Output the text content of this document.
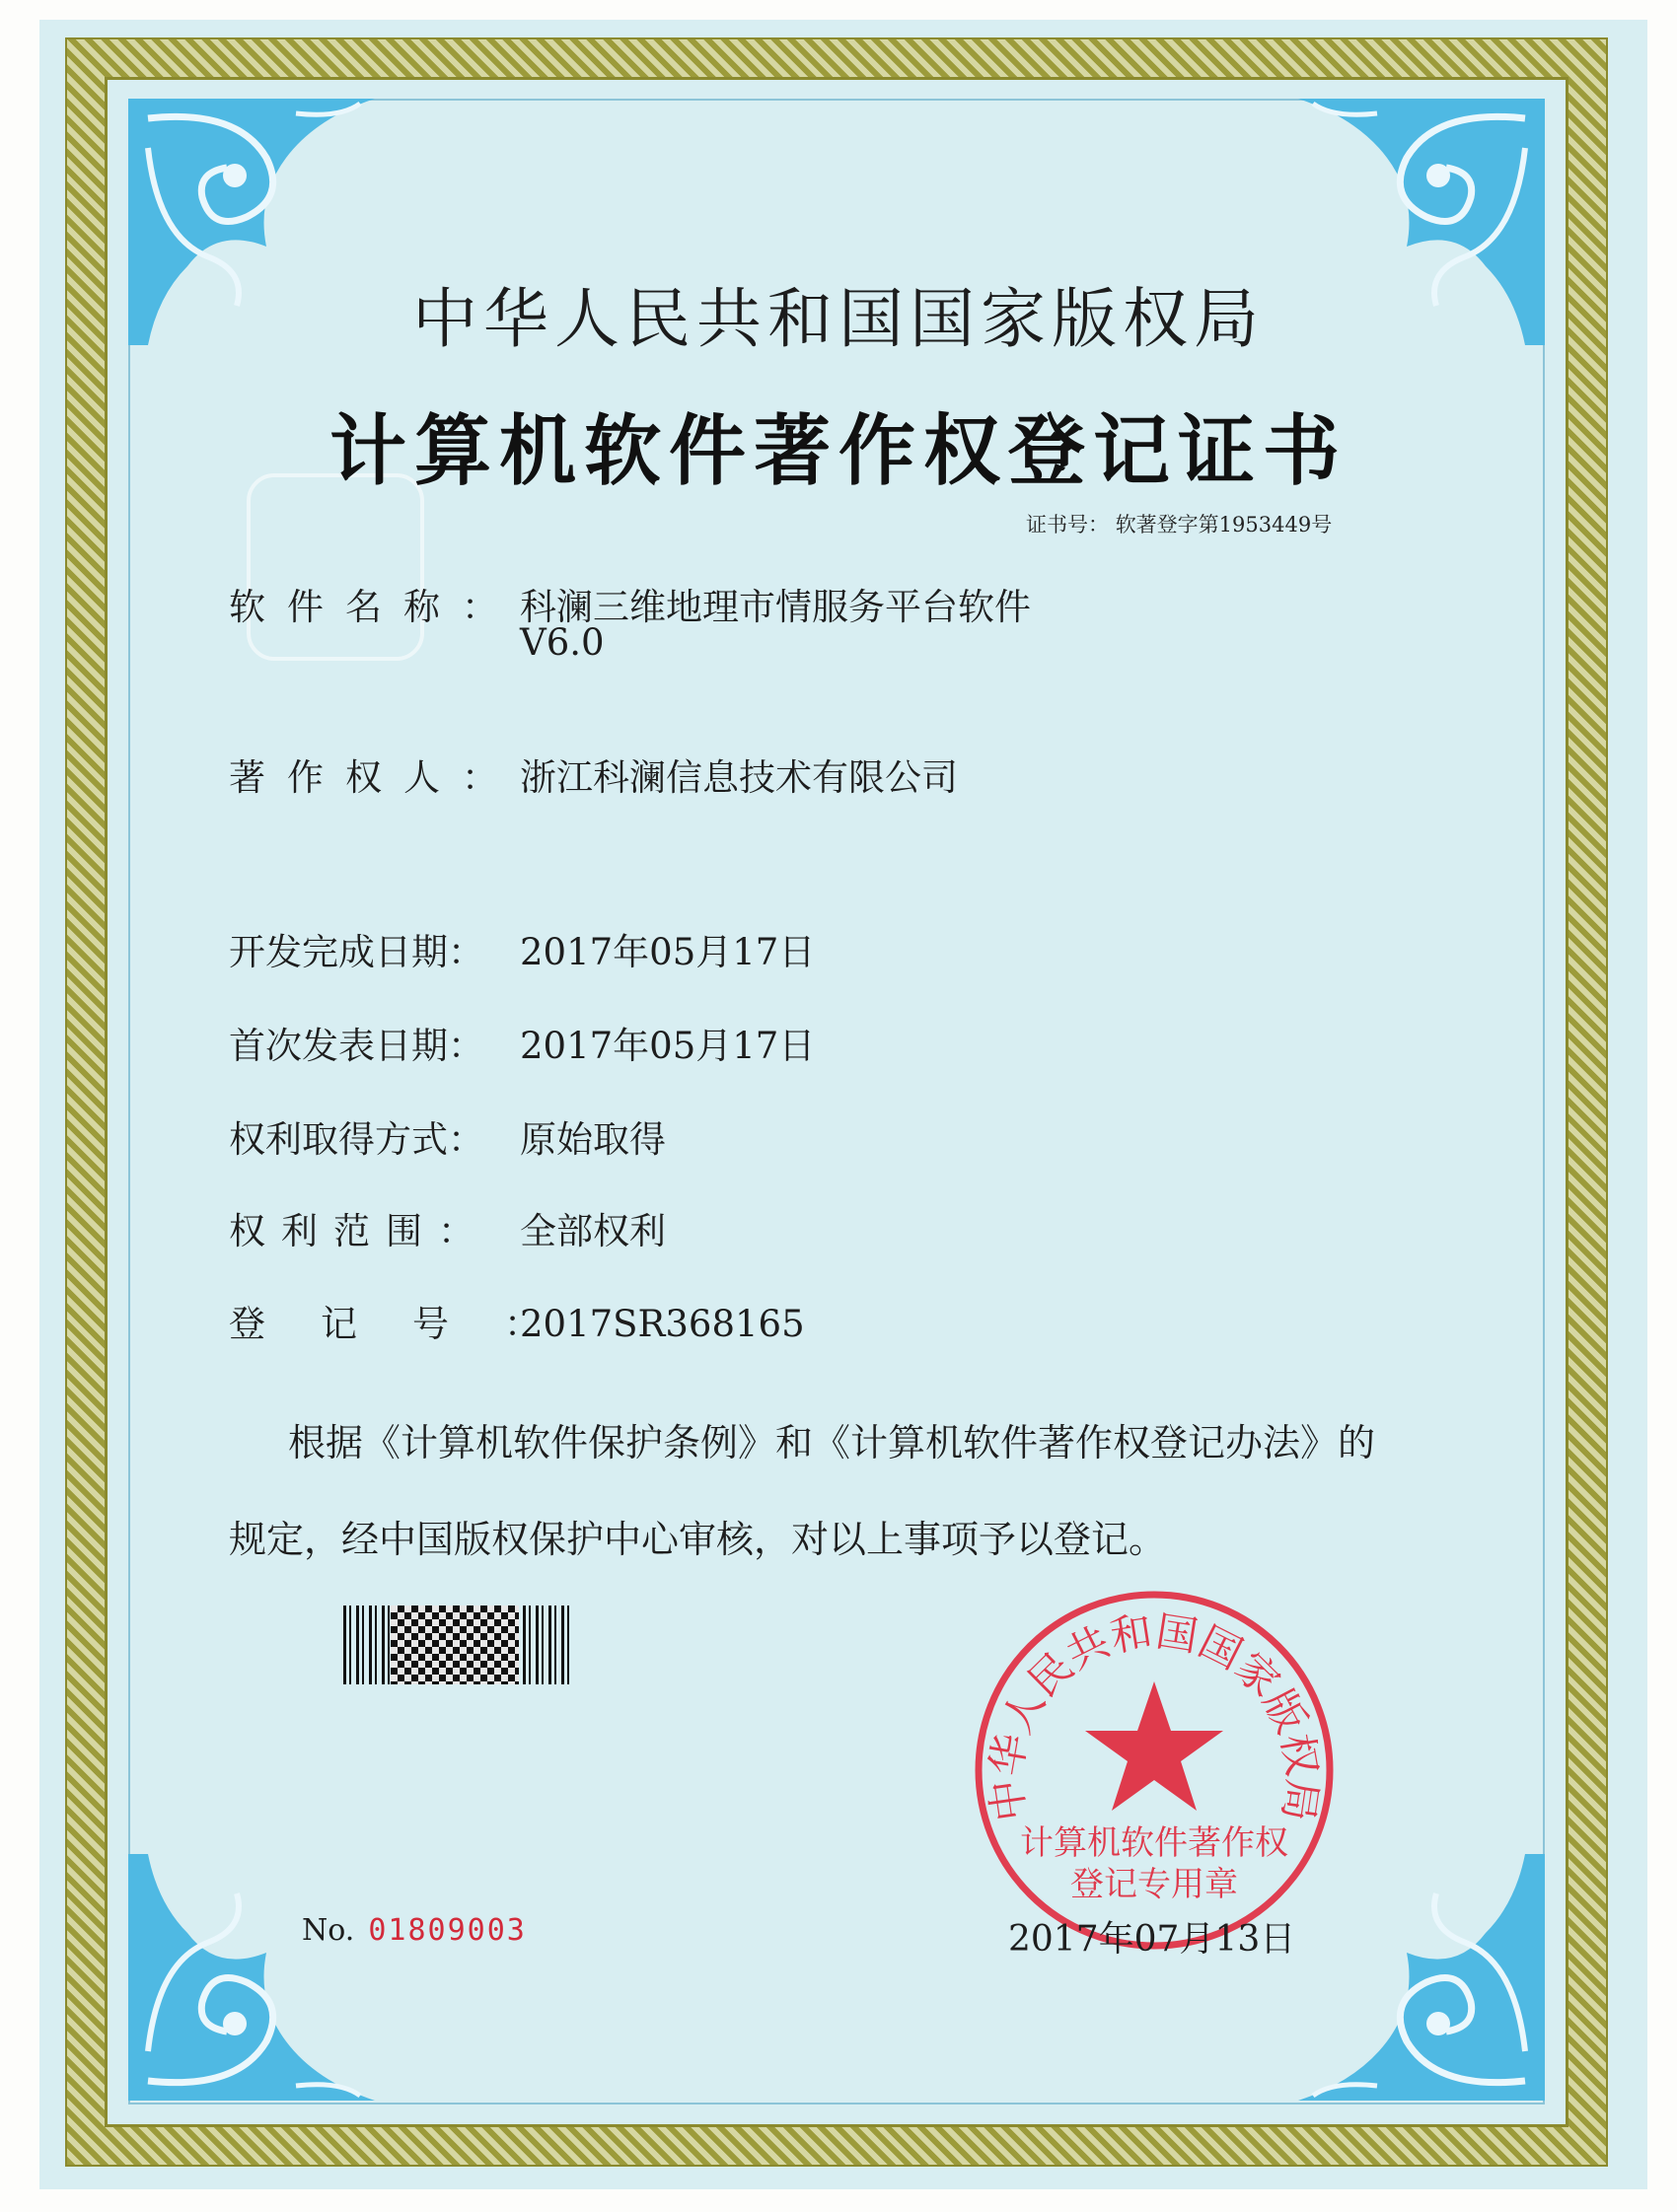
中华人民共和国国家版权局
计算机软件著作权登记证书
证书号： 软著登字第1953449号
软件名称：科澜三维地理市情服务平台软件
V6.0
著作权人：浙江科澜信息技术有限公司
开发完成日期： 2017年05月17日
首次发表日期： 2017年05月17日
权利取得方式： 原始取得
权利范围： 全部权利
登记号：2017SR368165
根据《计算机软件保护条例》和《计算机软件著作权登记办法》的
规定，经中国版权保护中心审核，对以上事项予以登记。
No. 01809003
中华人民共和国国家版权局
计算机软件著作权
登记专用章
2017年07月13日
